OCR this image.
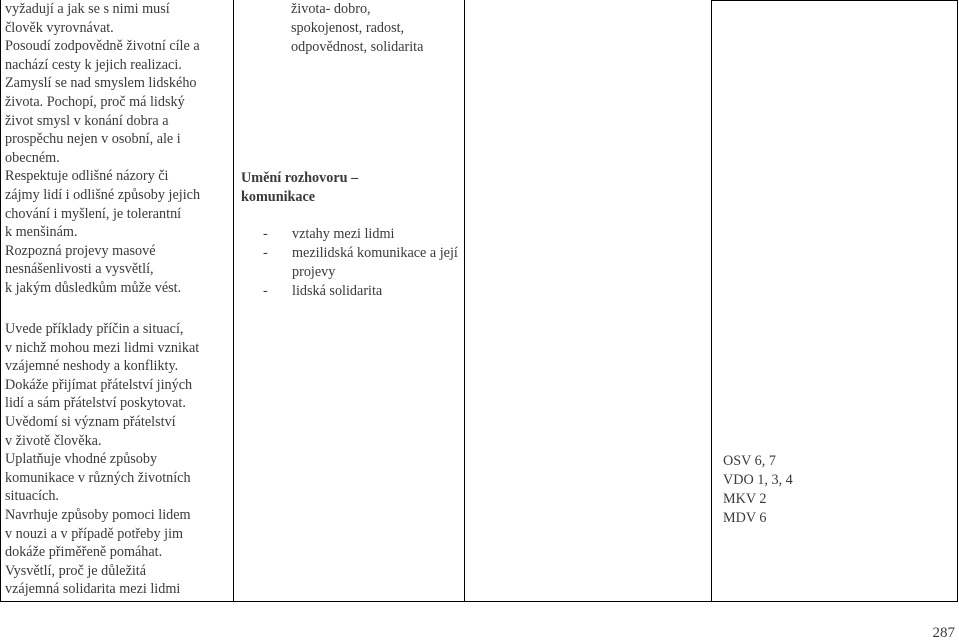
vyžadují a jak se s nimi musí
člověk vyrovnávat.

Posoudí zodpovědně životní cíle a
nachází cesty k jejich realizaci.

Zamyslí se nad smyslem lidského
života. Pochopí, proč má lidský
život smysl v konání dobra a
prospěchu nejen v osobní, ale i
obecném.

Respektuje odlišné názory či
zájmy lidí i odlišné způsoby jejich
chování i myšlení, je tolerantní
k menšinám.

Rozpozná projevy masové
nesnášenlivosti a vysvětlí,
k jakým důsledkům může vést.

života- dobro,
spokojenost, radost,
odpovědnost, solidarita

Umění rozhovoru –
komunikace

- vztahy mezi lidmi
- mezilidská komunikace a její projevy
- lidská solidarita

Uvede příklady příčin a situací,
v nichž mohou mezi lidmi vznikat
vzájemné neshody a konflikty.

Dokáže přijímat přátelství jiných
lidí a sám přátelství poskytovat.

Uvědomí si význam přátelství
v životě člověka.

Uplatňuje vhodné způsoby
komunikace v různých životních
situacích.

Navrhuje způsoby pomoci lidem
v nouzi a v případě potřeby jim
dokáže přiměřeně pomáhat.

Vysvětlí, proč je důležitá
vzájemná solidarita mezi lidmi

OSV 6, 7
VDO 1, 3, 4
MKV 2
MDV 6
287
